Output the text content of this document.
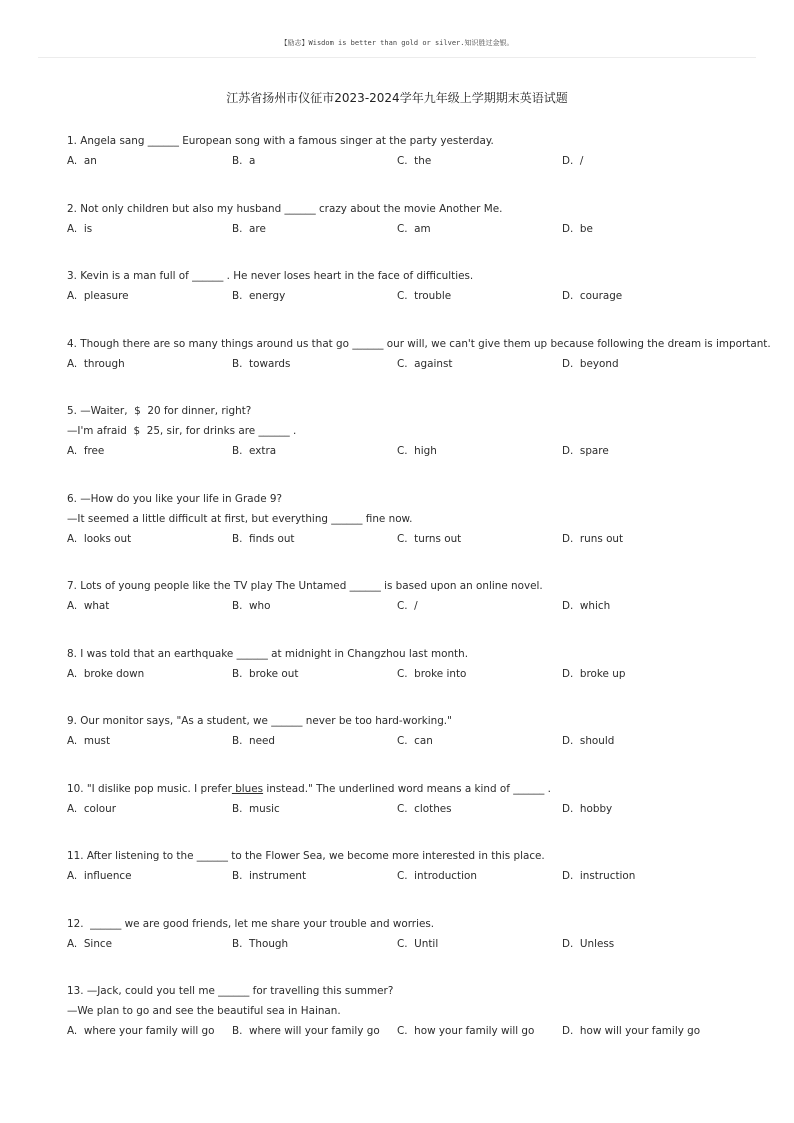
【励志】Wisdom is better than gold or silver.知识胜过金银。
江苏省扬州市仪征市2023-2024学年九年级上学期期末英语试题
1. Angela sang ______ European song with a famous singer at the party yesterday.
A.  an	B.  a	C.  the	D.  /
2. Not only children but also my husband ______ crazy about the movie Another Me.
A.  is	B.  are	C.  am	D.  be
3. Kevin is a man full of ______ . He never loses heart in the face of difficulties.
A.  pleasure	B.  energy	C.  trouble	D.  courage
4. Though there are so many things around us that go ______ our will, we can't give them up because following the dream is important.
A.  through	B.  towards	C.  against	D.  beyond
5. —Waiter,  $  20 for dinner, right?
—I'm afraid  $  25, sir, for drinks are ______ .
A.  free	B.  extra	C.  high	D.  spare
6. —How do you like your life in Grade 9?
—It seemed a little difficult at first, but everything ______ fine now.
A.  looks out	B.  finds out	C.  turns out	D.  runs out
7. Lots of young people like the TV play The Untamed ______ is based upon an online novel.
A.  what	B.  who	C.  /	D.  which
8. I was told that an earthquake ______ at midnight in Changzhou last month.
A.  broke down	B.  broke out	C.  broke into	D.  broke up
9. Our monitor says, "As a student, we ______ never be too hard-working."
A.  must	B.  need	C.  can	D.  should
10. "I dislike pop music. I prefer blues instead." The underlined word means a kind of ______ .
A.  colour	B.  music	C.  clothes	D.  hobby
11. After listening to the ______ to the Flower Sea, we become more interested in this place.
A.  influence	B.  instrument	C.  introduction	D.  instruction
12.  ______ we are good friends, let me share your trouble and worries.
A.  Since	B.  Though	C.  Until	D.  Unless
13. —Jack, could you tell me ______ for travelling this summer?
—We plan to go and see the beautiful sea in Hainan.
A.  where your family will go	B.  where will your family go	C.  how your family will go	D.  how will your family go
